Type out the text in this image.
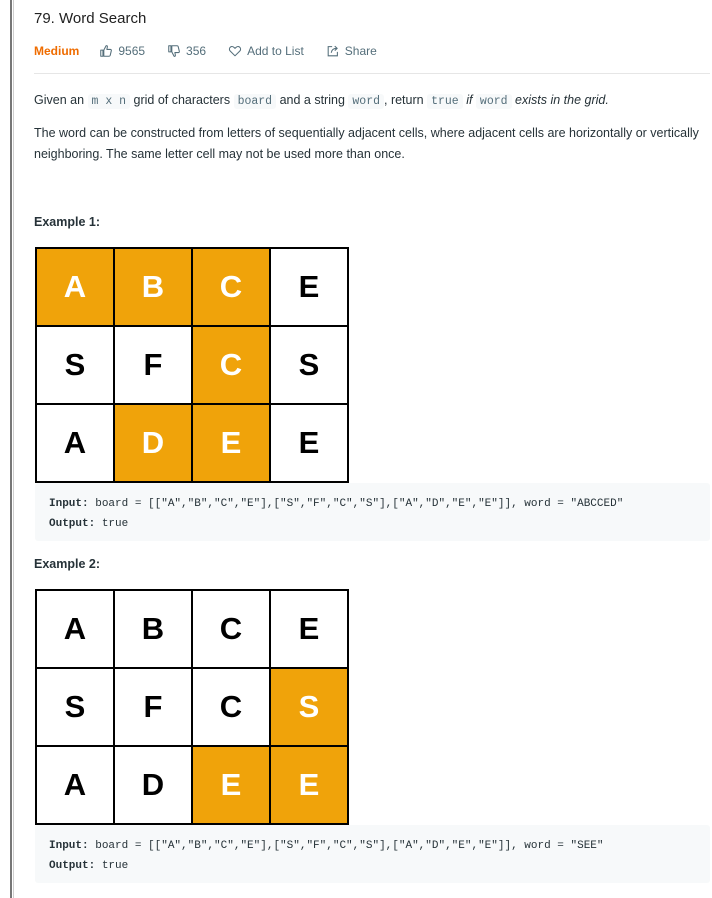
79. Word Search
Medium	9565	356	Add to List	Share
Given an m x n grid of characters board and a string word , return true if word exists in the grid.
The word can be constructed from letters of sequentially adjacent cells, where adjacent cells are horizontally or vertically neighboring. The same letter cell may not be used more than once.
Example 1:
A	B	C	E
S	F	C	S
A	D	E	E
Input: board = [["A","B","C","E"],["S","F","C","S"],["A","D","E","E"]], word = "ABCCED"
Output: true
Example 2:
A	B	C	E
S	F	C	S
A	D	E	E
Input: board = [["A","B","C","E"],["S","F","C","S"],["A","D","E","E"]], word = "SEE"
Output: true
